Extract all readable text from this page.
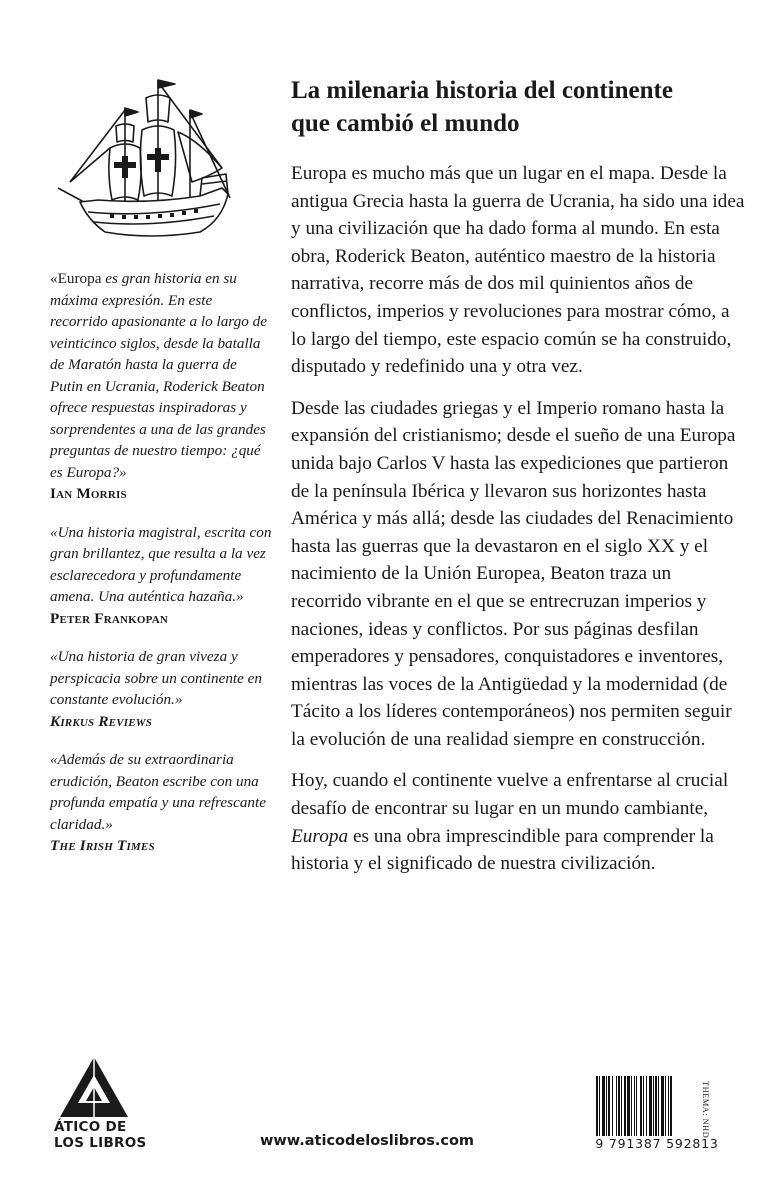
«Europa es gran historia en su máxima expresión. En este recorrido apasionante a lo largo de veinticinco siglos, desde la batalla de Maratón hasta la guerra de Putin en Ucrania, Roderick Beaton ofrece respuestas inspiradoras y sorprendentes a una de las grandes preguntas de nuestro tiempo: ¿qué es Europa?»

Ian Morris

«Una historia magistral, escrita con gran brillantez, que resulta a la vez esclarecedora y profundamente amena. Una auténtica hazaña.»

Peter Frankopan

«Una historia de gran viveza y perspicacia sobre un continente en constante evolución.»

Kirkus Reviews

«Además de su extraordinaria erudición, Beaton escribe con una profunda empatía y una refrescante claridad.»

The Irish Times
La milenaria historia del continente
que cambió el mundo

Europa es mucho más que un lugar en el mapa. Desde la antigua Grecia hasta la guerra de Ucrania, ha sido una idea y una civilización que ha dado forma al mundo. En esta obra, Roderick Beaton, auténtico maestro de la historia narrativa, recorre más de dos mil quinientos años de conflictos, imperios y revoluciones para mostrar cómo, a lo largo del tiempo, este espacio común se ha construido, disputado y redefinido una y otra vez.

Desde las ciudades griegas y el Imperio romano hasta la expansión del cristianismo; desde el sueño de una Europa unida bajo Carlos V hasta las expediciones que partieron de la península Ibérica y llevaron sus horizontes hasta América y más allá; desde las ciudades del Renacimiento hasta las guerras que la devastaron en el siglo XX y el nacimiento de la Unión Europea, Beaton traza un recorrido vibrante en el que se entrecruzan imperios y naciones, ideas y conflictos. Por sus páginas desfilan emperadores y pensadores, conquistadores e inventores, mientras las voces de la Antigüedad y la modernidad (de Tácito a los líderes contemporáneos) nos permiten seguir la evolución de una realidad siempre en construcción.

Hoy, cuando el continente vuelve a enfrentarse al crucial desafío de encontrar su lugar en un mundo cambiante, Europa es una obra imprescindible para comprender la historia y el significado de nuestra civilización.

ÁTICO DE
LOS LIBROS	www.aticodeloslibros.com	9 791387 592813
THEMA: NHD
